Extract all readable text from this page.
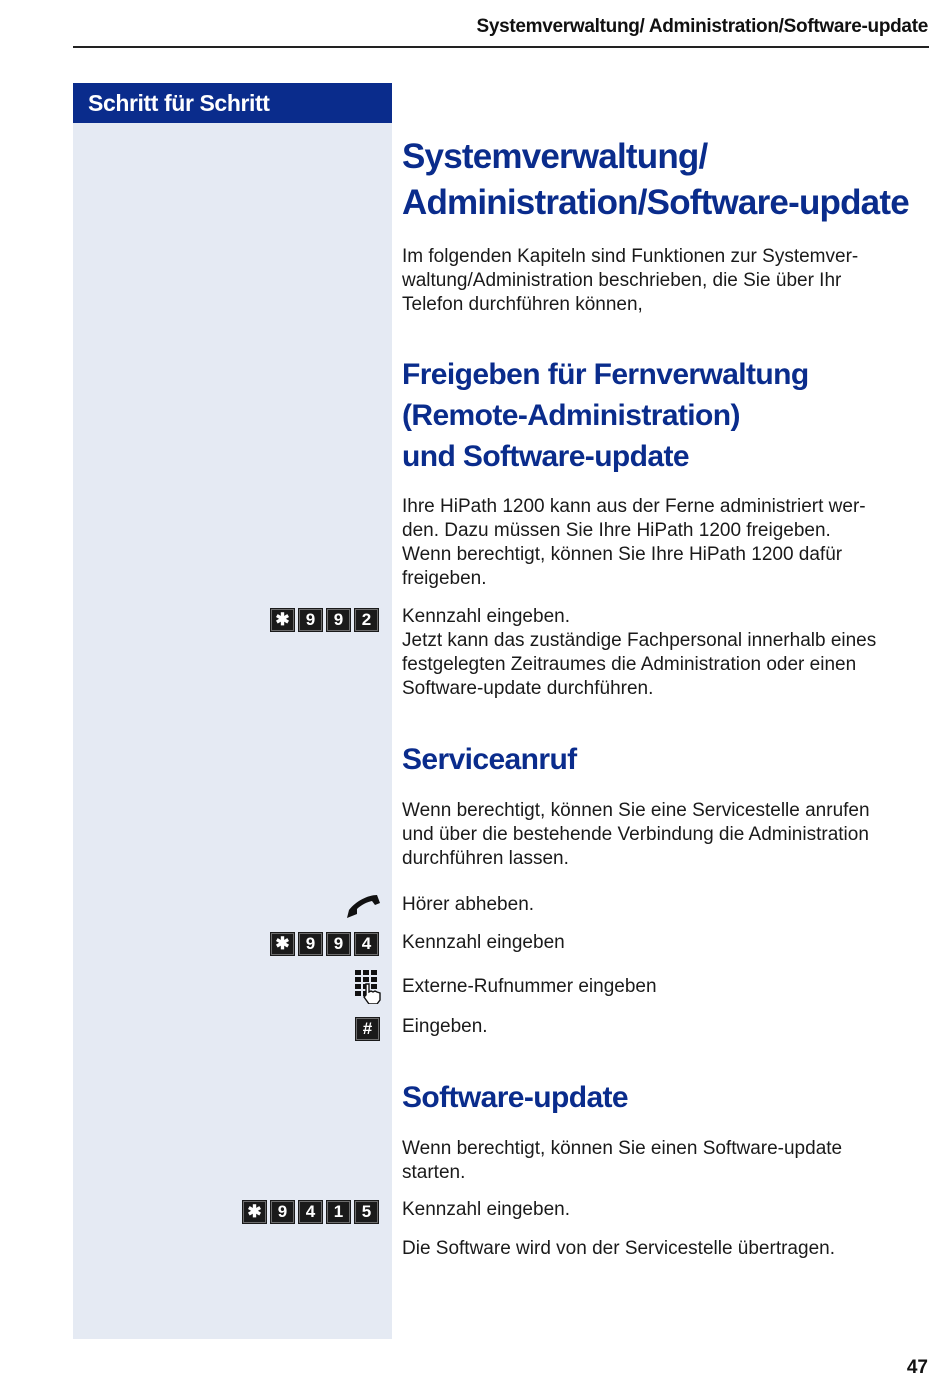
Systemverwaltung/ Administration/Software-update
Schritt für Schritt
Systemverwaltung/
Administration/Software-update

Im folgenden Kapiteln sind Funktionen zur Systemver-
waltung/Administration beschrieben, die Sie über Ihr
Telefon durchführen können,

Freigeben für Fernverwaltung
(Remote-Administration)
und Software-update

Ihre HiPath 1200 kann aus der Ferne administriert wer-
den. Dazu müssen Sie Ihre HiPath 1200 freigeben.
Wenn berechtigt, können Sie Ihre HiPath 1200 dafür
freigeben.

✱ 9 9 2 Kennzahl eingeben.
Jetzt kann das zuständige Fachpersonal innerhalb eines
festgelegten Zeitraumes die Administration oder einen
Software-update durchführen.

Serviceanruf

Wenn berechtigt, können Sie eine Servicestelle anrufen
und über die bestehende Verbindung die Administration
durchführen lassen.

Hörer abheben.

✱ 9 9 4 Kennzahl eingeben

Externe-Rufnummer eingeben

# Eingeben.

Software-update

Wenn berechtigt, können Sie einen Software-update
starten.

✱ 9 4 1 5 Kennzahl eingeben.

Die Software wird von der Servicestelle übertragen.

47
